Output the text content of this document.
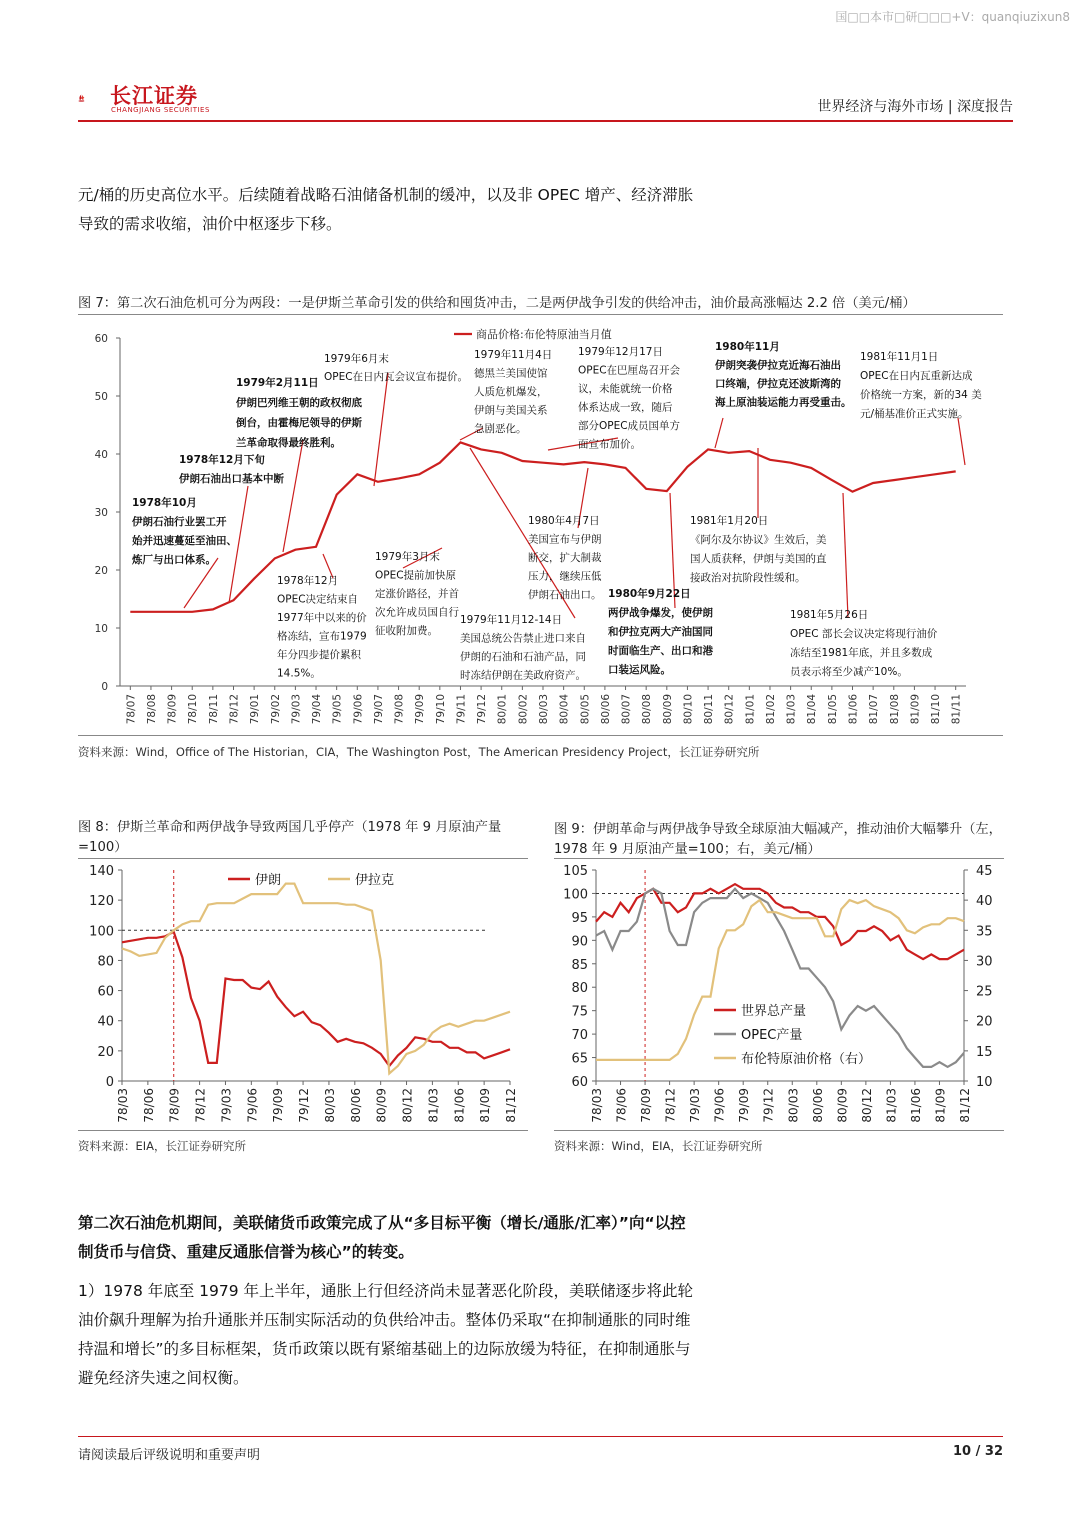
国□□本市□研□□□+V：quanqiuzixun8
长江证券
CHANGJIANG SECURITIES	世界经济与海外市场 | 深度报告
元/桶的历史高位水平。后续随着战略石油储备机制的缓冲，以及非 OPEC 增产、经济滞胀导致的需求收缩，油价中枢逐步下移。
图 7：第二次石油危机可分为两段：一是伊斯兰革命引发的供给和囤货冲击，二是两伊战争引发的供给冲击，油价最高涨幅达 2.2 倍（美元/桶）
0
10
20
30
40
50
60
78/07 78/08 78/09 78/10 78/11 78/12 79/01 79/02 79/03 79/04 79/05 79/06 79/07 79/08 79/09 79/10 79/11 79/12 80/01 80/02 80/03 80/04 80/05 80/06 80/07 80/08 80/09 80/10 80/11 80/12 81/01 81/02 81/03 81/04 81/05 81/06 81/07 81/08 81/09 81/10 81/11
商品价格:布伦特原油当月值
1978年10月伊朗石油行业罢工开始并迅速蔓延至油田、炼厂与出口体系。
1978年12月下旬伊朗石油出口基本中断
1979年2月11日伊朗巴列维王朝的政权彻底倒台，由霍梅尼领导的伊斯兰革命取得最终胜利。
1978年12月 OPEC决定结束自 1977年中以来的价格冻结，宣布1979 年分四步提价累积 14.5%。
1979年6月末 OPEC在日内瓦会议宣布提价。
1979年3月末 OPEC提前加快原定涨价路径，并首次允许成员国自行征收附加费。
1979年11月4日德黑兰美国使馆人质危机爆发，伊朗与美国关系急剧恶化。
1979年11月12-14日美国总统公告禁止进口来自伊朗的石油和石油产品，同时冻结伊朗在美政府资产。
1979年12月17日 OPEC在巴厘岛召开会议，未能就统一价格体系达成一致，随后部分OPEC成员国单方面宣布加价。
1980年4月7日美国宣布与伊朗断交，扩大制裁压力，继续压低伊朗石油出口。 1980年9月22日两伊战争爆发，使伊朗和伊拉克两大产油国同时面临生产、出口和港口装运风险。
1980年11月伊朗突袭伊拉克近海石油出口终端，伊拉克还波斯湾的海上原油装运能力再受重击。
1981年1月20日《阿尔及尔协议》生效后，美国人质获释，伊朗与美国的直接政治对抗阶段性缓和。
1981年11月1日 OPEC在日内瓦重新达成价格统一方案，新的34 美元/桶基准价正式实施。
1981年5月26日 OPEC 部长会议决定将现行油价冻结至1981年底，并且多数成员表示将至少减产10%。
资料来源：Wind，Office of The Historian，CIA，The Washington Post，The American Presidency Project，长江证券研究所
图 8：伊斯兰革命和两伊战争导致两国几乎停产（1978 年 9 月原油产量=100）
图 9：伊朗革命与两伊战争导致全球原油大幅减产，推动油价大幅攀升（左，1978 年 9 月原油产量=100；右，美元/桶）
0
20
40
60
80
100
120
140
78/03 78/06 78/09 78/12 79/03 79/06 79/09 79/12 80/03 80/06 80/09 80/12 81/03 81/06 81/09 81/12
伊朗	伊拉克
60
65
70
75
80
85
90
95
100
105
10
15
20
25
30
35
40
45
78/03 78/06 78/09 78/12 79/03 79/06 79/09 79/12 80/03 80/06 80/09 80/12 81/03 81/06 81/09 81/12
世界总产量
OPEC产量
布伦特原油价格（右）
资料来源：EIA，长江证券研究所	资料来源：Wind，EIA，长江证券研究所
第二次石油危机期间，美联储货币政策完成了从“多目标平衡（增长/通胀/汇率）”向“以控制货币与信贷、重建反通胀信誉为核心”的转变。
1）1978 年底至 1979 年上半年，通胀上行但经济尚未显著恶化阶段，美联储逐步将此轮油价飙升理解为抬升通胀并压制实际活动的负供给冲击。整体仍采取“在抑制通胀的同时维持温和增长”的多目标框架，货币政策以既有紧缩基础上的边际放缓为特征，在抑制通胀与避免经济失速之间权衡。
请阅读最后评级说明和重要声明	10 / 32
